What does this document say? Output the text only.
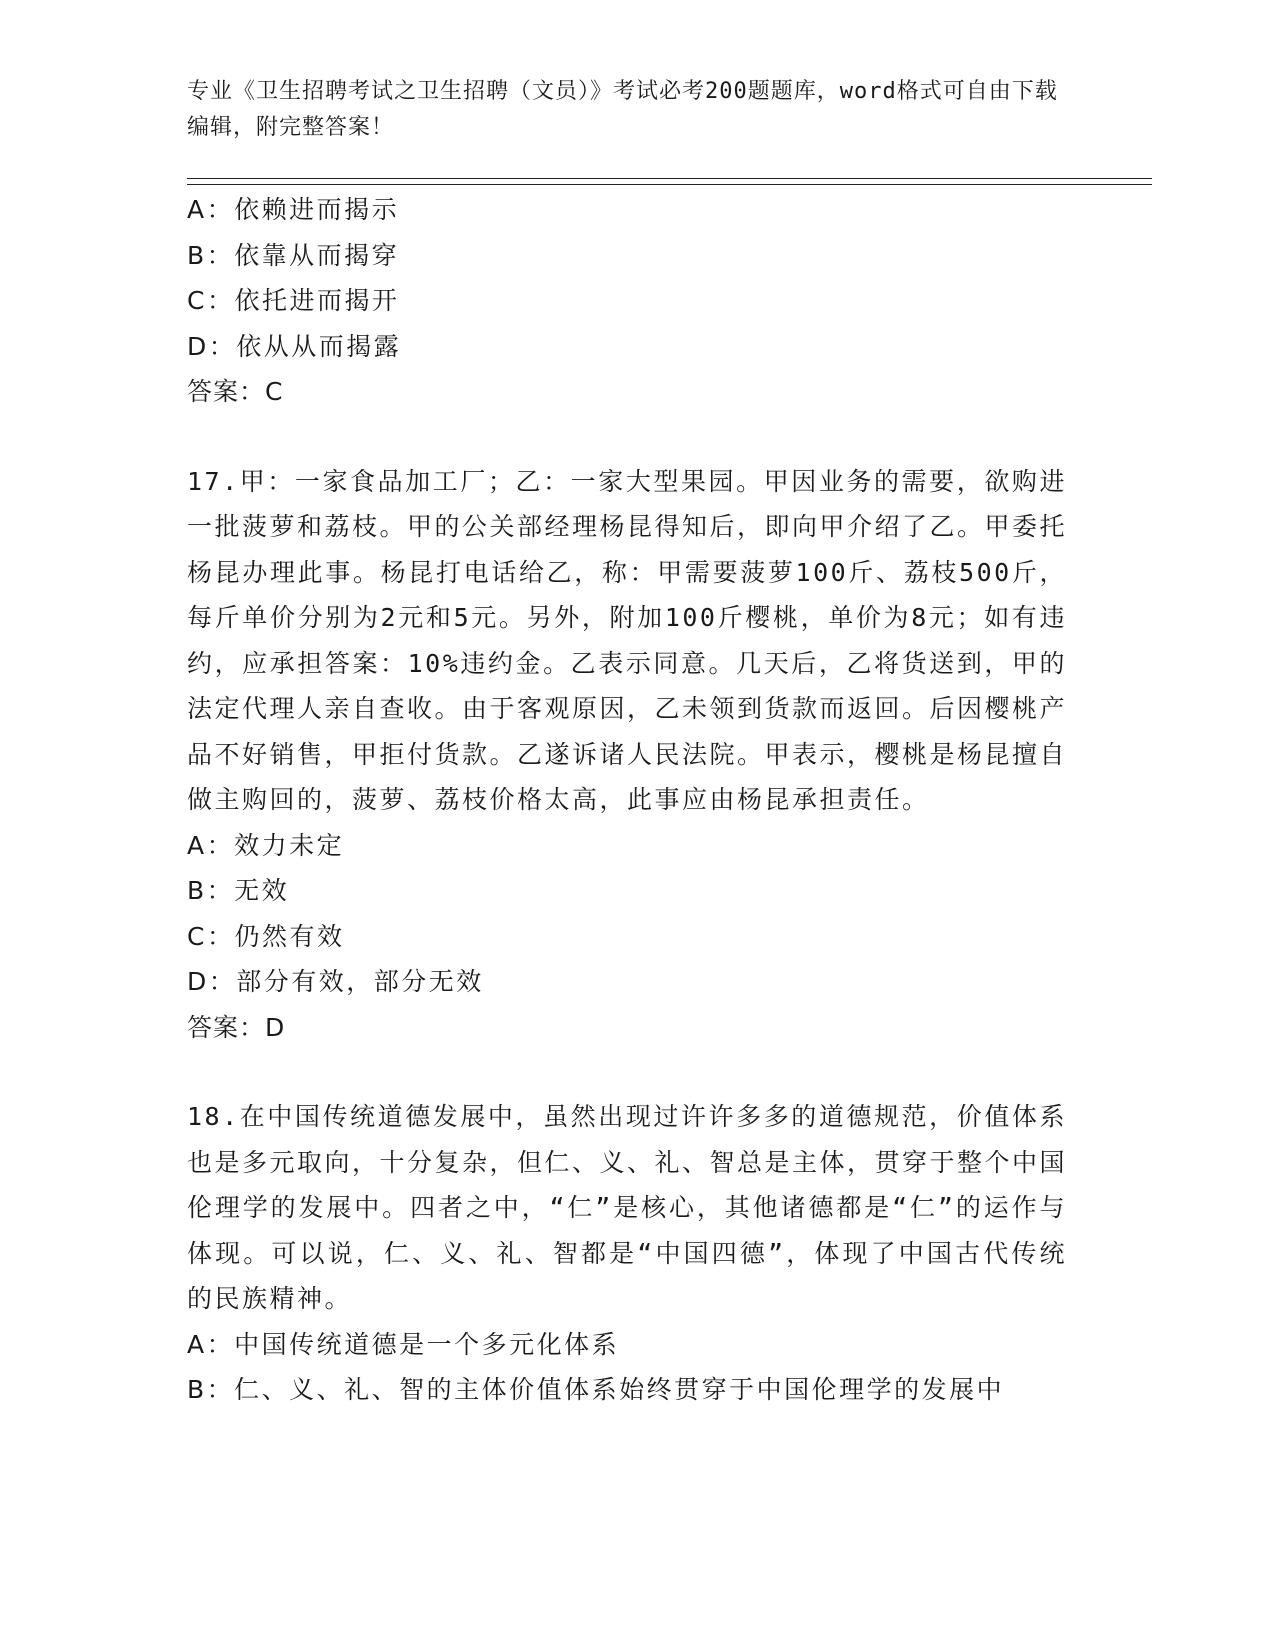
专业《卫生招聘考试之卫生招聘（文员）》考试必考200题题库，word格式可自由下载编辑，附完整答案！
A：依赖进而揭示
B：依靠从而揭穿
C：依托进而揭开
D：依从从而揭露
答案：C
17.甲：一家食品加工厂；乙：一家大型果园。甲因业务的需要，欲购进一批菠萝和荔枝。甲的公关部经理杨昆得知后，即向甲介绍了乙。甲委托杨昆办理此事。杨昆打电话给乙，称：甲需要菠萝100斤、荔枝500斤，每斤单价分别为2元和5元。另外，附加100斤樱桃，单价为8元；如有违约，应承担答案：10%违约金。乙表示同意。几天后，乙将货送到，甲的法定代理人亲自查收。由于客观原因，乙未领到货款而返回。后因樱桃产品不好销售，甲拒付货款。乙遂诉诸人民法院。甲表示，樱桃是杨昆擅自做主购回的，菠萝、荔枝价格太高，此事应由杨昆承担责任。
A：效力未定
B：无效
C：仍然有效
D：部分有效，部分无效
答案：D
18.在中国传统道德发展中，虽然出现过许许多多的道德规范，价值体系也是多元取向，十分复杂，但仁、义、礼、智总是主体，贯穿于整个中国伦理学的发展中。四者之中，“仁”是核心，其他诸德都是“仁”的运作与体现。可以说，仁、义、礼、智都是“中国四德”，体现了中国古代传统的民族精神。
A：中国传统道德是一个多元化体系
B：仁、义、礼、智的主体价值体系始终贯穿于中国伦理学的发展中
